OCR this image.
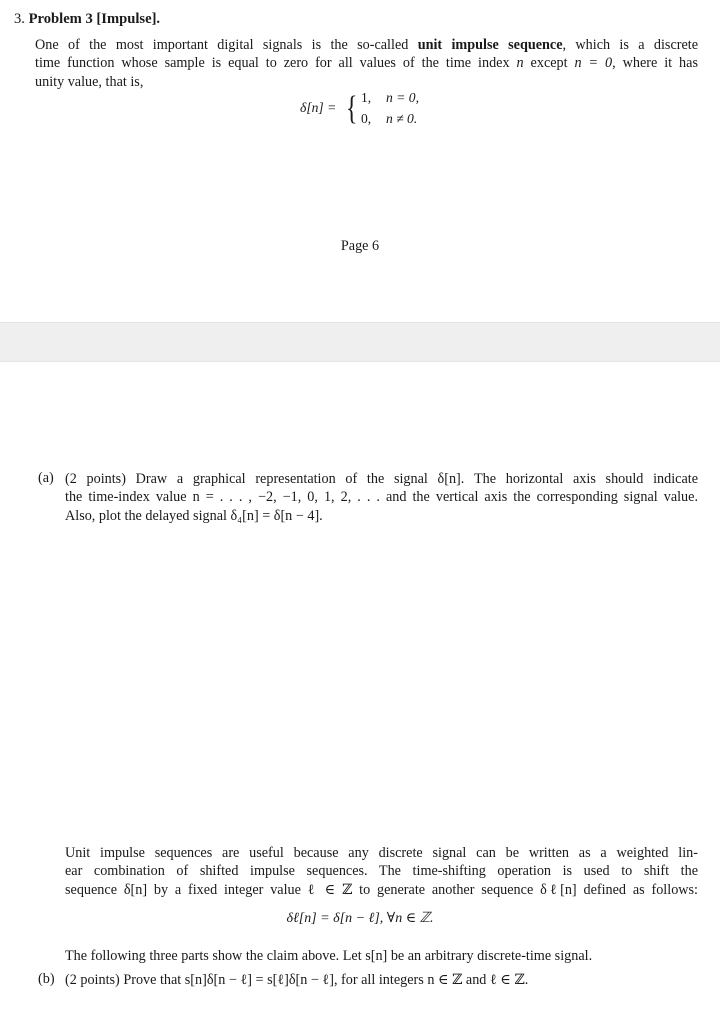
3. Problem 3 [Impulse].
One of the most important digital signals is the so-called unit impulse sequence, which is a discrete
time function whose sample is equal to zero for all values of the time index n except n = 0, where it has
unity value, that is,
δ[n] = { 1, n = 0,
0, n ≠ 0.
Page 6
(a) (2 points) Draw a graphical representation of the signal δ[n]. The horizontal axis should indicate
the time-index value n = . . . , −2, −1, 0, 1, 2, . . . and the vertical axis the corresponding signal value.
Also, plot the delayed signal δ₄[n] = δ[n − 4].
Unit impulse sequences are useful because any discrete signal can be written as a weighted lin-
ear combination of shifted impulse sequences. The time-shifting operation is used to shift the
sequence δ[n] by a fixed integer value ℓ ∈ ℤ to generate another sequence δℓ[n] defined as follows:
δℓ[n] = δ[n − ℓ], ∀n ∈ ℤ.
The following three parts show the claim above. Let s[n] be an arbitrary discrete-time signal.
(b) (2 points) Prove that s[n]δ[n − ℓ] = s[ℓ]δ[n − ℓ], for all integers n ∈ ℤ and ℓ ∈ ℤ.
